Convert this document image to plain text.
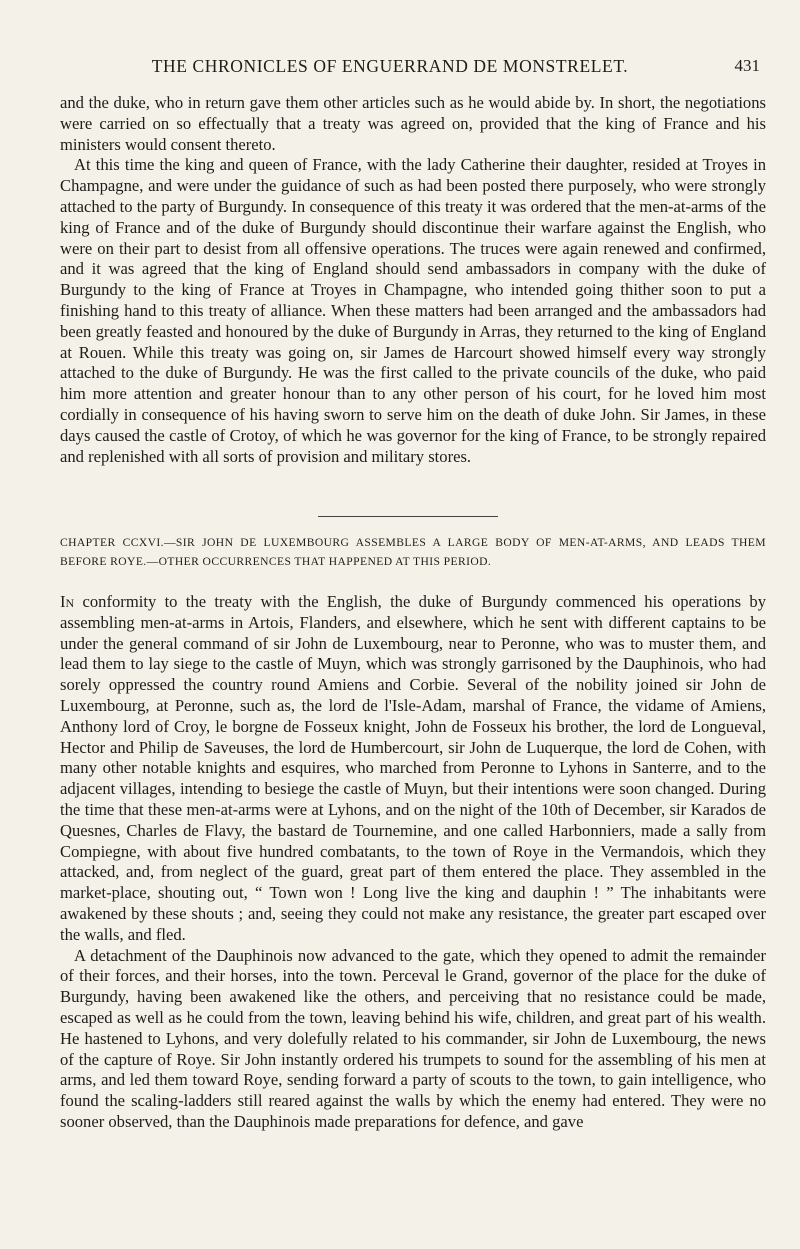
THE CHRONICLES OF ENGUERRAND DE MONSTRELET.	431

and the duke, who in return gave them other articles such as he would abide by. In short, the negotiations were carried on so effectually that a treaty was agreed on, provided that the king of France and his ministers would consent thereto.

At this time the king and queen of France, with the lady Catherine their daughter, resided at Troyes in Champagne, and were under the guidance of such as had been posted there purposely, who were strongly attached to the party of Burgundy. In consequence of this treaty it was ordered that the men-at-arms of the king of France and of the duke of Burgundy should discontinue their warfare against the English, who were on their part to desist from all offensive operations. The truces were again renewed and confirmed, and it was agreed that the king of England should send ambassadors in company with the duke of Burgundy to the king of France at Troyes in Champagne, who intended going thither soon to put a finishing hand to this treaty of alliance. When these matters had been arranged and the ambassadors had been greatly feasted and honoured by the duke of Burgundy in Arras, they returned to the king of England at Rouen. While this treaty was going on, sir James de Harcourt showed himself every way strongly attached to the duke of Burgundy. He was the first called to the private councils of the duke, who paid him more attention and greater honour than to any other person of his court, for he loved him most cordially in consequence of his having sworn to serve him on the death of duke John. Sir James, in these days caused the castle of Crotoy, of which he was governor for the king of France, to be strongly repaired and replenished with all sorts of provision and military stores.

CHAPTER CCXVI.—SIR JOHN DE LUXEMBOURG ASSEMBLES A LARGE BODY OF MEN-AT-ARMS, AND LEADS THEM BEFORE ROYE.—OTHER OCCURRENCES THAT HAPPENED AT THIS PERIOD.

In conformity to the treaty with the English, the duke of Burgundy commenced his operations by assembling men-at-arms in Artois, Flanders, and elsewhere, which he sent with different captains to be under the general command of sir John de Luxembourg, near to Peronne, who was to muster them, and lead them to lay siege to the castle of Muyn, which was strongly garrisoned by the Dauphinois, who had sorely oppressed the country round Amiens and Corbie. Several of the nobility joined sir John de Luxembourg, at Peronne, such as, the lord de l'Isle-Adam, marshal of France, the vidame of Amiens, Anthony lord of Croy, le borgne de Fosseux knight, John de Fosseux his brother, the lord de Longueval, Hector and Philip de Saveuses, the lord de Humbercourt, sir John de Luquerque, the lord de Cohen, with many other notable knights and esquires, who marched from Peronne to Lyhons in Santerre, and to the adjacent villages, intending to besiege the castle of Muyn, but their intentions were soon changed. During the time that these men-at-arms were at Lyhons, and on the night of the 10th of December, sir Karados de Quesnes, Charles de Flavy, the bastard de Tournemine, and one called Harbonniers, made a sally from Compiegne, with about five hundred combatants, to the town of Roye in the Vermandois, which they attacked, and, from neglect of the guard, great part of them entered the place. They assembled in the market-place, shouting out, “ Town won ! Long live the king and dauphin ! ” The inhabitants were awakened by these shouts ; and, seeing they could not make any resistance, the greater part escaped over the walls, and fled.

A detachment of the Dauphinois now advanced to the gate, which they opened to admit the remainder of their forces, and their horses, into the town. Perceval le Grand, governor of the place for the duke of Burgundy, having been awakened like the others, and perceiving that no resistance could be made, escaped as well as he could from the town, leaving behind his wife, children, and great part of his wealth. He hastened to Lyhons, and very dolefully related to his commander, sir John de Luxembourg, the news of the capture of Roye. Sir John instantly ordered his trumpets to sound for the assembling of his men at arms, and led them toward Roye, sending forward a party of scouts to the town, to gain intelligence, who found the scaling-ladders still reared against the walls by which the enemy had entered. They were no sooner observed, than the Dauphinois made preparations for defence, and gave
